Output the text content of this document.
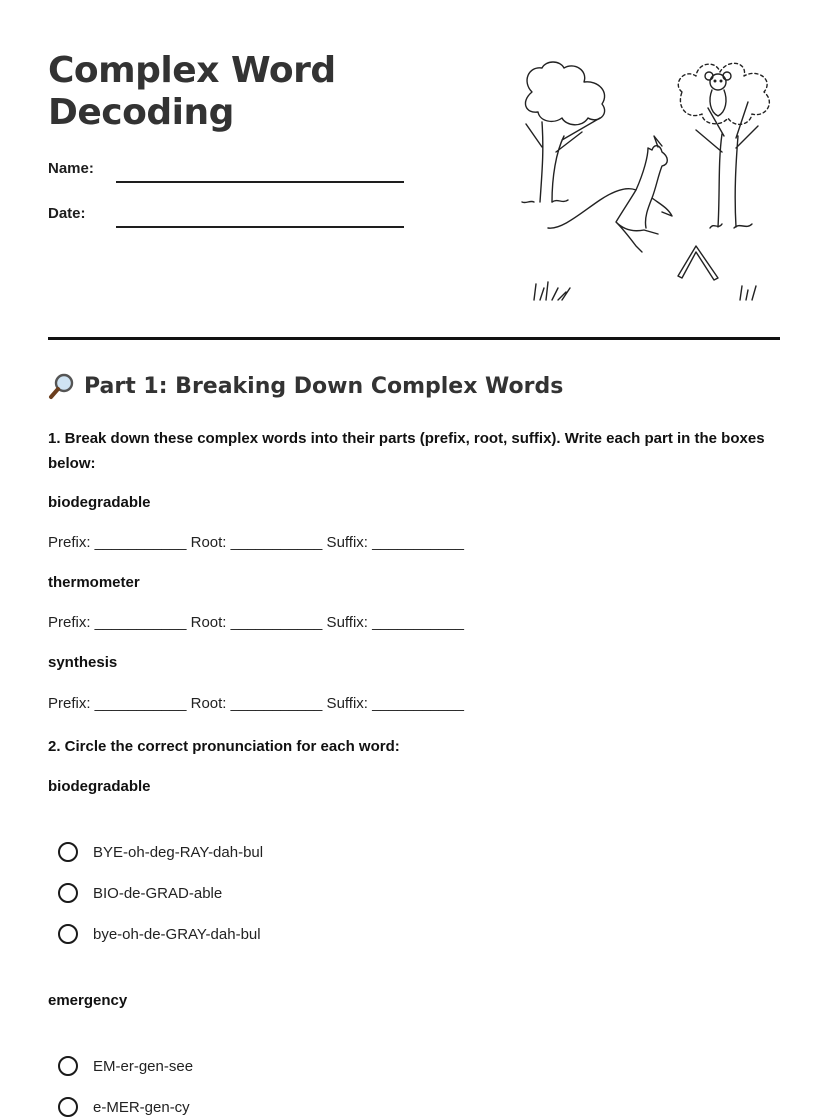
Complex Word Decoding
Name:
Date:
Part 1: Breaking Down Complex Words
1. Break down these complex words into their parts (prefix, root, suffix). Write each part in the boxes below:
biodegradable
Prefix: ___________ Root: ___________ Suffix: ___________
thermometer
Prefix: ___________ Root: ___________ Suffix: ___________
synthesis
Prefix: ___________ Root: ___________ Suffix: ___________
2. Circle the correct pronunciation for each word:
biodegradable
BYE-oh-deg-RAY-dah-bul
BIO-de-GRAD-able
bye-oh-de-GRAY-dah-bul
emergency
EM-er-gen-see
e-MER-gen-cy
